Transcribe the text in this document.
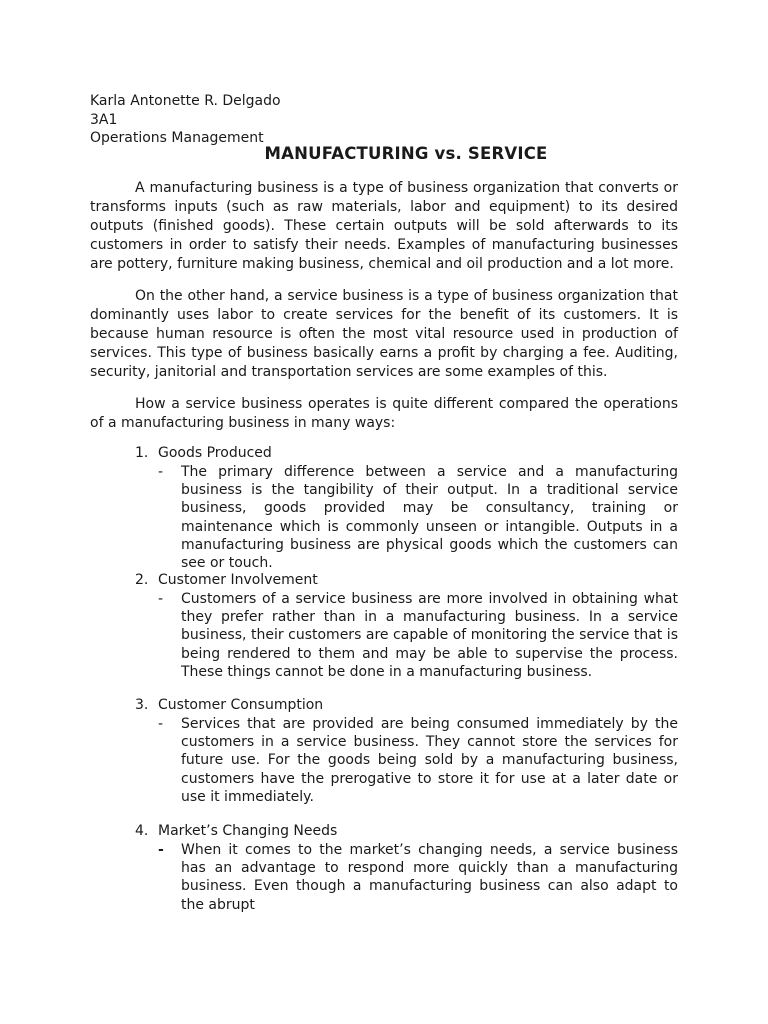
Karla Antonette R. Delgado
3A1
Operations Management
MANUFACTURING vs. SERVICE

A manufacturing business is a type of business organization that converts or transforms inputs (such as raw materials, labor and equipment) to its desired outputs (finished goods). These certain outputs will be sold afterwards to its customers in order to satisfy their needs. Examples of manufacturing businesses are pottery, furniture making business, chemical and oil production and a lot more.

On the other hand, a service business is a type of business organization that dominantly uses labor to create services for the benefit of its customers. It is because human resource is often the most vital resource used in production of services. This type of business basically earns a profit by charging a fee. Auditing, security, janitorial and transportation services are some examples of this.

How a service business operates is quite different compared the operations of a manufacturing business in many ways:

1. Goods Produced
- The primary difference between a service and a manufacturing business is the tangibility of their output. In a traditional service business, goods provided may be consultancy, training or maintenance which is commonly unseen or intangible. Outputs in a manufacturing business are physical goods which the customers can see or touch.
2. Customer Involvement
- Customers of a service business are more involved in obtaining what they prefer rather than in a manufacturing business. In a service business, their customers are capable of monitoring the service that is being rendered to them and may be able to supervise the process. These things cannot be done in a manufacturing business.
3. Customer Consumption
- Services that are provided are being consumed immediately by the customers in a service business. They cannot store the services for future use. For the goods being sold by a manufacturing business, customers have the prerogative to store it for use at a later date or use it immediately.
4. Market’s Changing Needs
- When it comes to the market’s changing needs, a service business has an advantage to respond more quickly than a manufacturing business. Even though a manufacturing business can also adapt to the abrupt
